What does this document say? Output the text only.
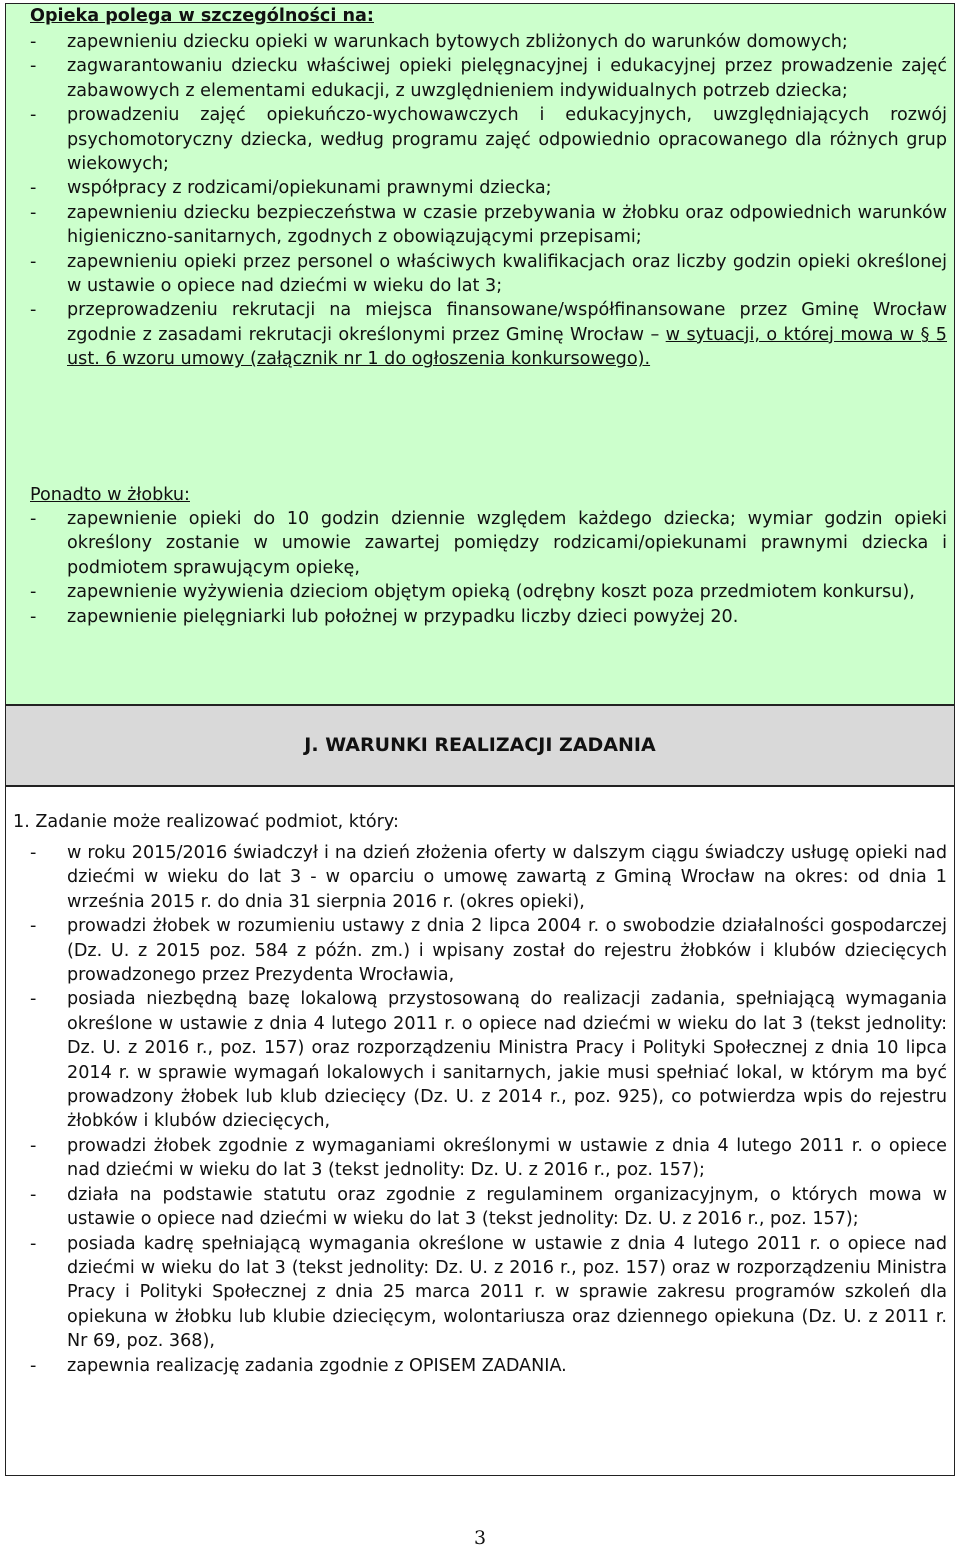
Opieka polega w szczególności na:
- zapewnieniu dziecku opieki w warunkach bytowych zbliżonych do warunków domowych;
- zagwarantowaniu dziecku właściwej opieki pielęgnacyjnej i edukacyjnej przez prowadzenie zajęć zabawowych z elementami edukacji, z uwzględnieniem indywidualnych potrzeb dziecka;
- prowadzeniu zajęć opiekuńczo-wychowawczych i edukacyjnych, uwzględniających rozwój psychomotoryczny dziecka, według programu zajęć odpowiednio opracowanego dla różnych grup wiekowych;
- współpracy z rodzicami/opiekunami prawnymi dziecka;
- zapewnieniu dziecku bezpieczeństwa w czasie przebywania w żłobku oraz odpowiednich warunków higieniczno-sanitarnych, zgodnych z obowiązującymi przepisami;
- zapewnieniu opieki przez personel o właściwych kwalifikacjach oraz liczby godzin opieki określonej w ustawie o opiece nad dziećmi w wieku do lat 3;
- przeprowadzeniu rekrutacji na miejsca finansowane/współfinansowane przez Gminę Wrocław zgodnie z zasadami rekrutacji określonymi przez Gminę Wrocław – w sytuacji, o której mowa w § 5 ust. 6 wzoru umowy (załącznik nr 1 do ogłoszenia konkursowego).
Ponadto w żłobku:
- zapewnienie opieki do 10 godzin dziennie względem każdego dziecka; wymiar godzin opieki określony zostanie w umowie zawartej pomiędzy rodzicami/opiekunami prawnymi dziecka i podmiotem sprawującym opiekę,
- zapewnienie wyżywienia dzieciom objętym opieką (odrębny koszt poza przedmiotem konkursu),
- zapewnienie pielęgniarki lub położnej w przypadku liczby dzieci powyżej 20.
J. WARUNKI REALIZACJI ZADANIA
1. Zadanie może realizować podmiot, który:
- w roku 2015/2016 świadczył i na dzień złożenia oferty w dalszym ciągu świadczy usługę opieki nad dziećmi w wieku do lat 3 - w oparciu o umowę zawartą z Gminą Wrocław na okres: od dnia 1 września 2015 r. do dnia 31 sierpnia 2016 r. (okres opieki),
- prowadzi żłobek w rozumieniu ustawy z dnia 2 lipca 2004 r. o swobodzie działalności gospodarczej (Dz. U. z 2015 poz. 584 z późn. zm.) i wpisany został do rejestru żłobków i klubów dziecięcych prowadzonego przez Prezydenta Wrocławia,
- posiada niezbędną bazę lokalową przystosowaną do realizacji zadania, spełniającą wymagania określone w ustawie z dnia 4 lutego 2011 r. o opiece nad dziećmi w wieku do lat 3 (tekst jednolity: Dz. U. z 2016 r., poz. 157) oraz rozporządzeniu Ministra Pracy i Polityki Społecznej z dnia 10 lipca 2014 r. w sprawie wymagań lokalowych i sanitarnych, jakie musi spełniać lokal, w którym ma być prowadzony żłobek lub klub dziecięcy (Dz. U. z 2014 r., poz. 925), co potwierdza wpis do rejestru żłobków i klubów dziecięcych,
- prowadzi żłobek zgodnie z wymaganiami określonymi w ustawie z dnia 4 lutego 2011 r. o opiece nad dziećmi w wieku do lat 3 (tekst jednolity: Dz. U. z 2016 r., poz. 157);
- działa na podstawie statutu oraz zgodnie z regulaminem organizacyjnym, o których mowa w ustawie o opiece nad dziećmi w wieku do lat 3 (tekst jednolity: Dz. U. z 2016 r., poz. 157);
- posiada kadrę spełniającą wymagania określone w ustawie z dnia 4 lutego 2011 r. o opiece nad dziećmi w wieku do lat 3 (tekst jednolity: Dz. U. z 2016 r., poz. 157) oraz w rozporządzeniu Ministra Pracy i Polityki Społecznej z dnia 25 marca 2011 r. w sprawie zakresu programów szkoleń dla opiekuna w żłobku lub klubie dziecięcym, wolontariusza oraz dziennego opiekuna (Dz. U. z 2011 r. Nr 69, poz. 368),
- zapewnia realizację zadania zgodnie z OPISEM ZADANIA.
3
